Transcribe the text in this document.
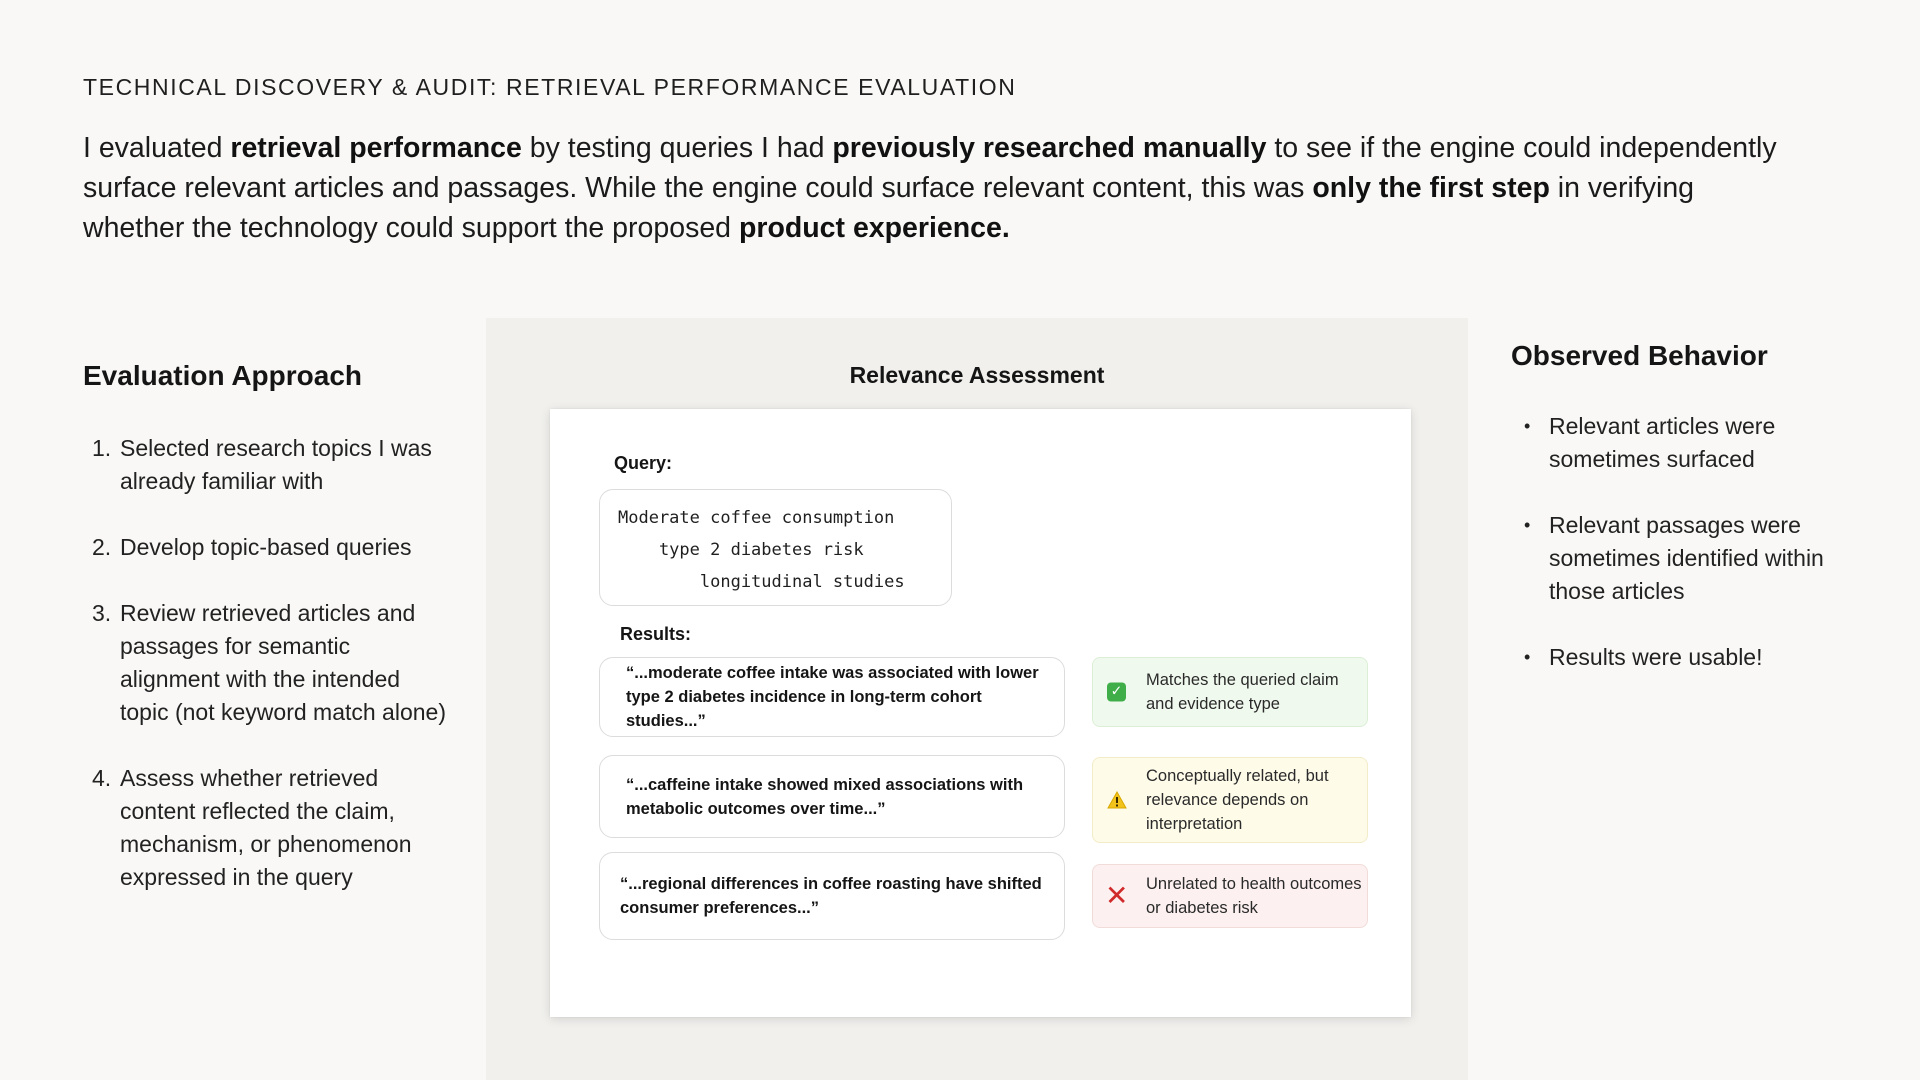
TECHNICAL DISCOVERY & AUDIT: RETRIEVAL PERFORMANCE EVALUATION

I evaluated retrieval performance by testing queries I had previously researched manually to see if the engine could independently surface relevant articles and passages. While the engine could surface relevant content, this was only the first step in verifying whether the technology could support the proposed product experience.

Evaluation Approach
1. Selected research topics I was already familiar with
2. Develop topic-based queries
3. Review retrieved articles and passages for semantic alignment with the intended topic (not keyword match alone)
4. Assess whether retrieved content reflected the claim, mechanism, or phenomenon expressed in the query
Relevance Assessment
Query:
Moderate coffee consumption
type 2 diabetes risk
longitudinal studies
Results:
“...moderate coffee intake was associated with lower type 2 diabetes incidence in long-term cohort studies...”
✓
Matches the queried claim and evidence type
“...caffeine intake showed mixed associations with metabolic outcomes over time...”
Conceptually related, but relevance depends on interpretation
“...regional differences in coffee roasting have shifted consumer preferences...”	✕ Unrelated to health outcomes or diabetes risk
Observed Behavior
• Relevant articles were sometimes surfaced
• Relevant passages were sometimes identified within those articles
• Results were usable!
